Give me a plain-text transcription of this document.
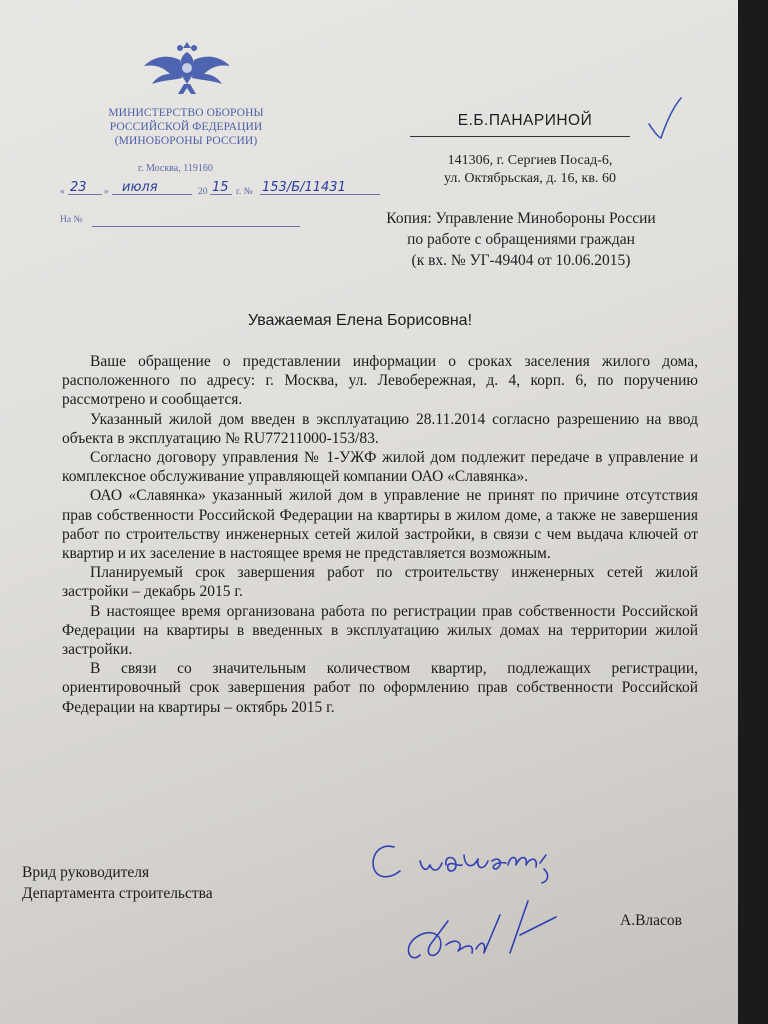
МИНИСТЕРСТВО ОБОРОНЫ
РОССИЙСКОЙ ФЕДЕРАЦИИ
(МИНОБОРОНЫ РОССИИ)
г. Москва, 119160
« 23 » июля	20 15 г. № 153/Б/11431
На №
Е.Б.ПАНАРИНОЙ
141306, г. Сергиев Посад-6,
ул. Октябрьская, д. 16, кв. 60
Копия: Управление Минобороны России
по работе с обращениями граждан
(к вх. № УГ-49404 от 10.06.2015)
Уважаемая Елена Борисовна!

Ваше обращение о представлении информации о сроках заселения жилого дома, расположенного по адресу: г. Москва, ул. Левобережная, д. 4, корп. 6, по поручению рассмотрено и сообщается.

Указанный жилой дом введен в эксплуатацию 28.11.2014 согласно разрешению на ввод объекта в эксплуатацию № RU77211000-153/83.

Согласно договору управления № 1-УЖФ жилой дом подлежит передаче в управление и комплексное обслуживание управляющей компании ОАО «Славянка».

ОАО «Славянка» указанный жилой дом в управление не принят по причине отсутствия прав собственности Российской Федерации на квартиры в жилом доме, а также не завершения работ по строительству инженерных сетей жилой застройки, в связи с чем выдача ключей от квартир и их заселение в настоящее время не представляется возможным.

Планируемый срок завершения работ по строительству инженерных сетей жилой застройки – декабрь 2015 г.

В настоящее время организована работа по регистрации прав собственности Российской Федерации на квартиры в введенных в эксплуатацию жилых домах на территории жилой застройки.

В связи со значительным количеством квартир, подлежащих регистрации, ориентировочный срок завершения работ по оформлению прав собственности Российской Федерации на квартиры – октябрь 2015 г.

Врид руководителя
Департамента строительства
А.Власов
